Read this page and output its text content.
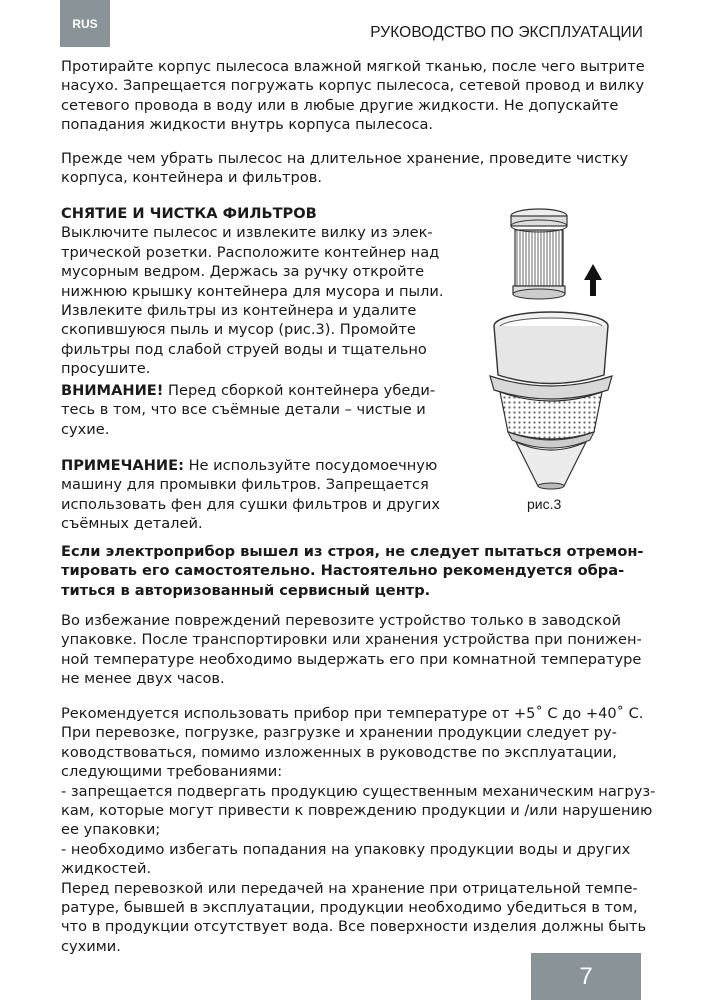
RUS
РУКОВОДСТВО ПО ЭКСПЛУАТАЦИИ
Протирайте корпус пылесоса влажной мягкой тканью, после чего вытрите
насухо. Запрещается погружать корпус пылесоса, сетевой провод и вилку
сетевого провода в воду или в любые другие жидкости. Не допускайте
попадания жидкости внутрь корпуса пылесоса.
Прежде чем убрать пылесос на длительное хранение, проведите чистку
корпуса, контейнера и фильтров.
СНЯТИЕ И ЧИСТКА ФИЛЬТРОВ
Выключите пылесос и извлеките вилку из элек-
трической розетки. Расположите контейнер над
мусорным ведром. Держась за ручку откройте
нижнюю крышку контейнера для мусора и пыли.
Извлеките фильтры из контейнера и удалите
скопившуюся пыль и мусор (рис.3). Промойте
фильтры под слабой струей воды и тщательно
просушите.
ВНИМАНИЕ! Перед сборкой контейнера убеди-
тесь в том, что все съёмные детали – чистые и
сухие.
ПРИМЕЧАНИЕ: Не используйте посудомоечную
машину для промывки фильтров. Запрещается
использовать фен для сушки фильтров и других
съёмных деталей.
рис.3
Если электроприбор вышел из строя, не следует пытаться отремон-
тировать его самостоятельно. Настоятельно рекомендуется обра-
титься в авторизованный сервисный центр.
Во избежание повреждений перевозите устройство только в заводской
упаковке. После транспортировки или хранения устройства при понижен-
ной температуре необходимо выдержать его при комнатной температуре
не менее двух часов.
Рекомендуется использовать прибор при температуре от +5˚ С до +40˚ С.
При перевозке, погрузке, разгрузке и хранении продукции следует ру-
ководствоваться, помимо изложенных в руководстве по эксплуатации,
следующими требованиями:
- запрещается подвергать продукцию существенным механическим нагруз-
кам, которые могут привести к повреждению продукции и /или нарушению
ее упаковки;
- необходимо избегать попадания на упаковку продукции воды и других
жидкостей.
Перед перевозкой или передачей на хранение при отрицательной темпе-
ратуре, бывшей в эксплуатации, продукции необходимо убедиться в том,
что в продукции отсутствует вода. Все поверхности изделия должны быть
сухими.
7
